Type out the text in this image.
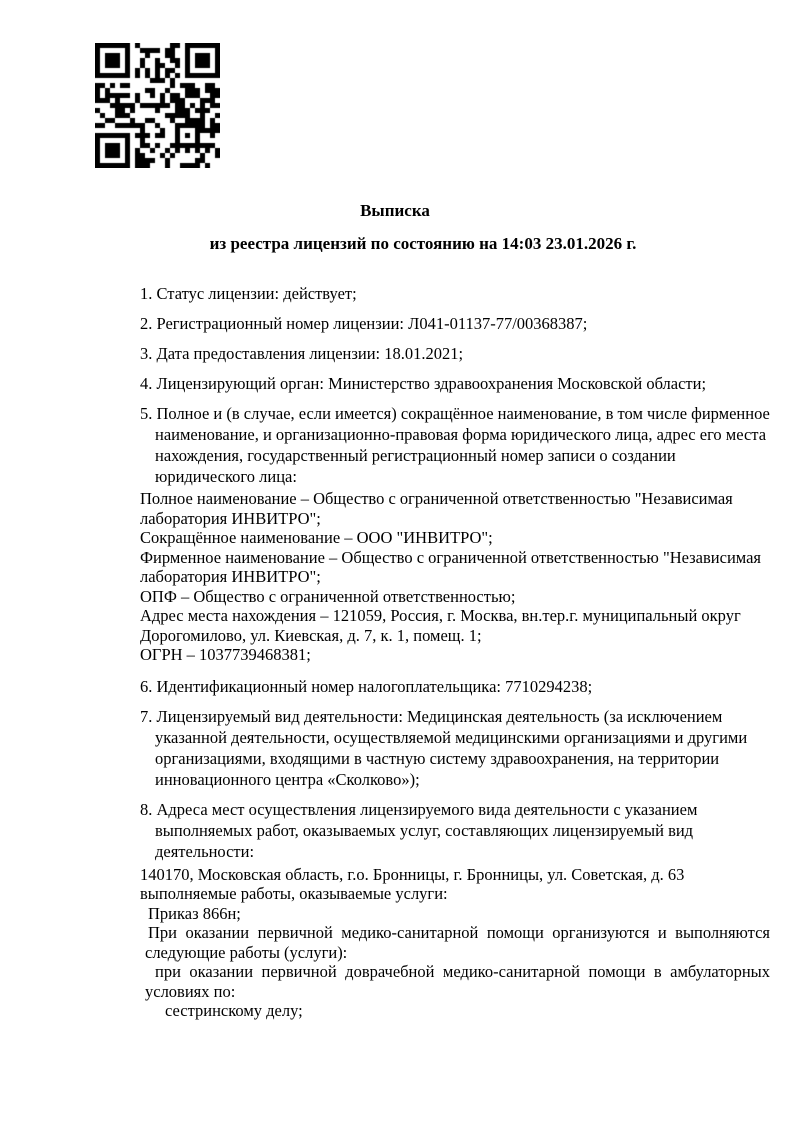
Выписка

из реестра лицензий по состоянию на 14:03 23.01.2026 г.

1. Статус лицензии: действует;

2. Регистрационный номер лицензии: Л041-01137-77/00368387;

3. Дата предоставления лицензии: 18.01.2021;

4. Лицензирующий орган: Министерство здравоохранения Московской области;

5. Полное и (в случае, если имеется) сокращённое наименование, в том числе фирменное наименование, и организационно-правовая форма юридического лица, адрес его места нахождения, государственный регистрационный номер записи о создании юридического лица:

Полное наименование – Общество с ограниченной ответственностью "Независимая лаборатория ИНВИТРО";

Сокращённое наименование – ООО "ИНВИТРО";

Фирменное наименование – Общество с ограниченной ответственностью "Независимая лаборатория ИНВИТРО";

ОПФ – Общество с ограниченной ответственностью;

Адрес места нахождения – 121059, Россия, г. Москва, вн.тер.г. муниципальный округ Дорогомилово, ул. Киевская, д. 7, к. 1, помещ. 1;

ОГРН – 1037739468381;

6. Идентификационный номер налогоплательщика: 7710294238;

7. Лицензируемый вид деятельности: Медицинская деятельность (за исключением указанной деятельности, осуществляемой медицинскими организациями и другими организациями, входящими в частную систему здравоохранения, на территории инновационного центра «Сколково»);

8. Адреса мест осуществления лицензируемого вида деятельности с указанием выполняемых работ, оказываемых услуг, составляющих лицензируемый вид деятельности:

140170, Московская область, г.о. Бронницы, г. Бронницы, ул. Советская, д. 63

выполняемые работы, оказываемые услуги:

Приказ 866н;

При оказании первичной медико-санитарной помощи организуются и выполняются

следующие работы (услуги):

при оказании первичной доврачебной медико-санитарной помощи в амбулаторных

условиях по:

сестринскому делу;
